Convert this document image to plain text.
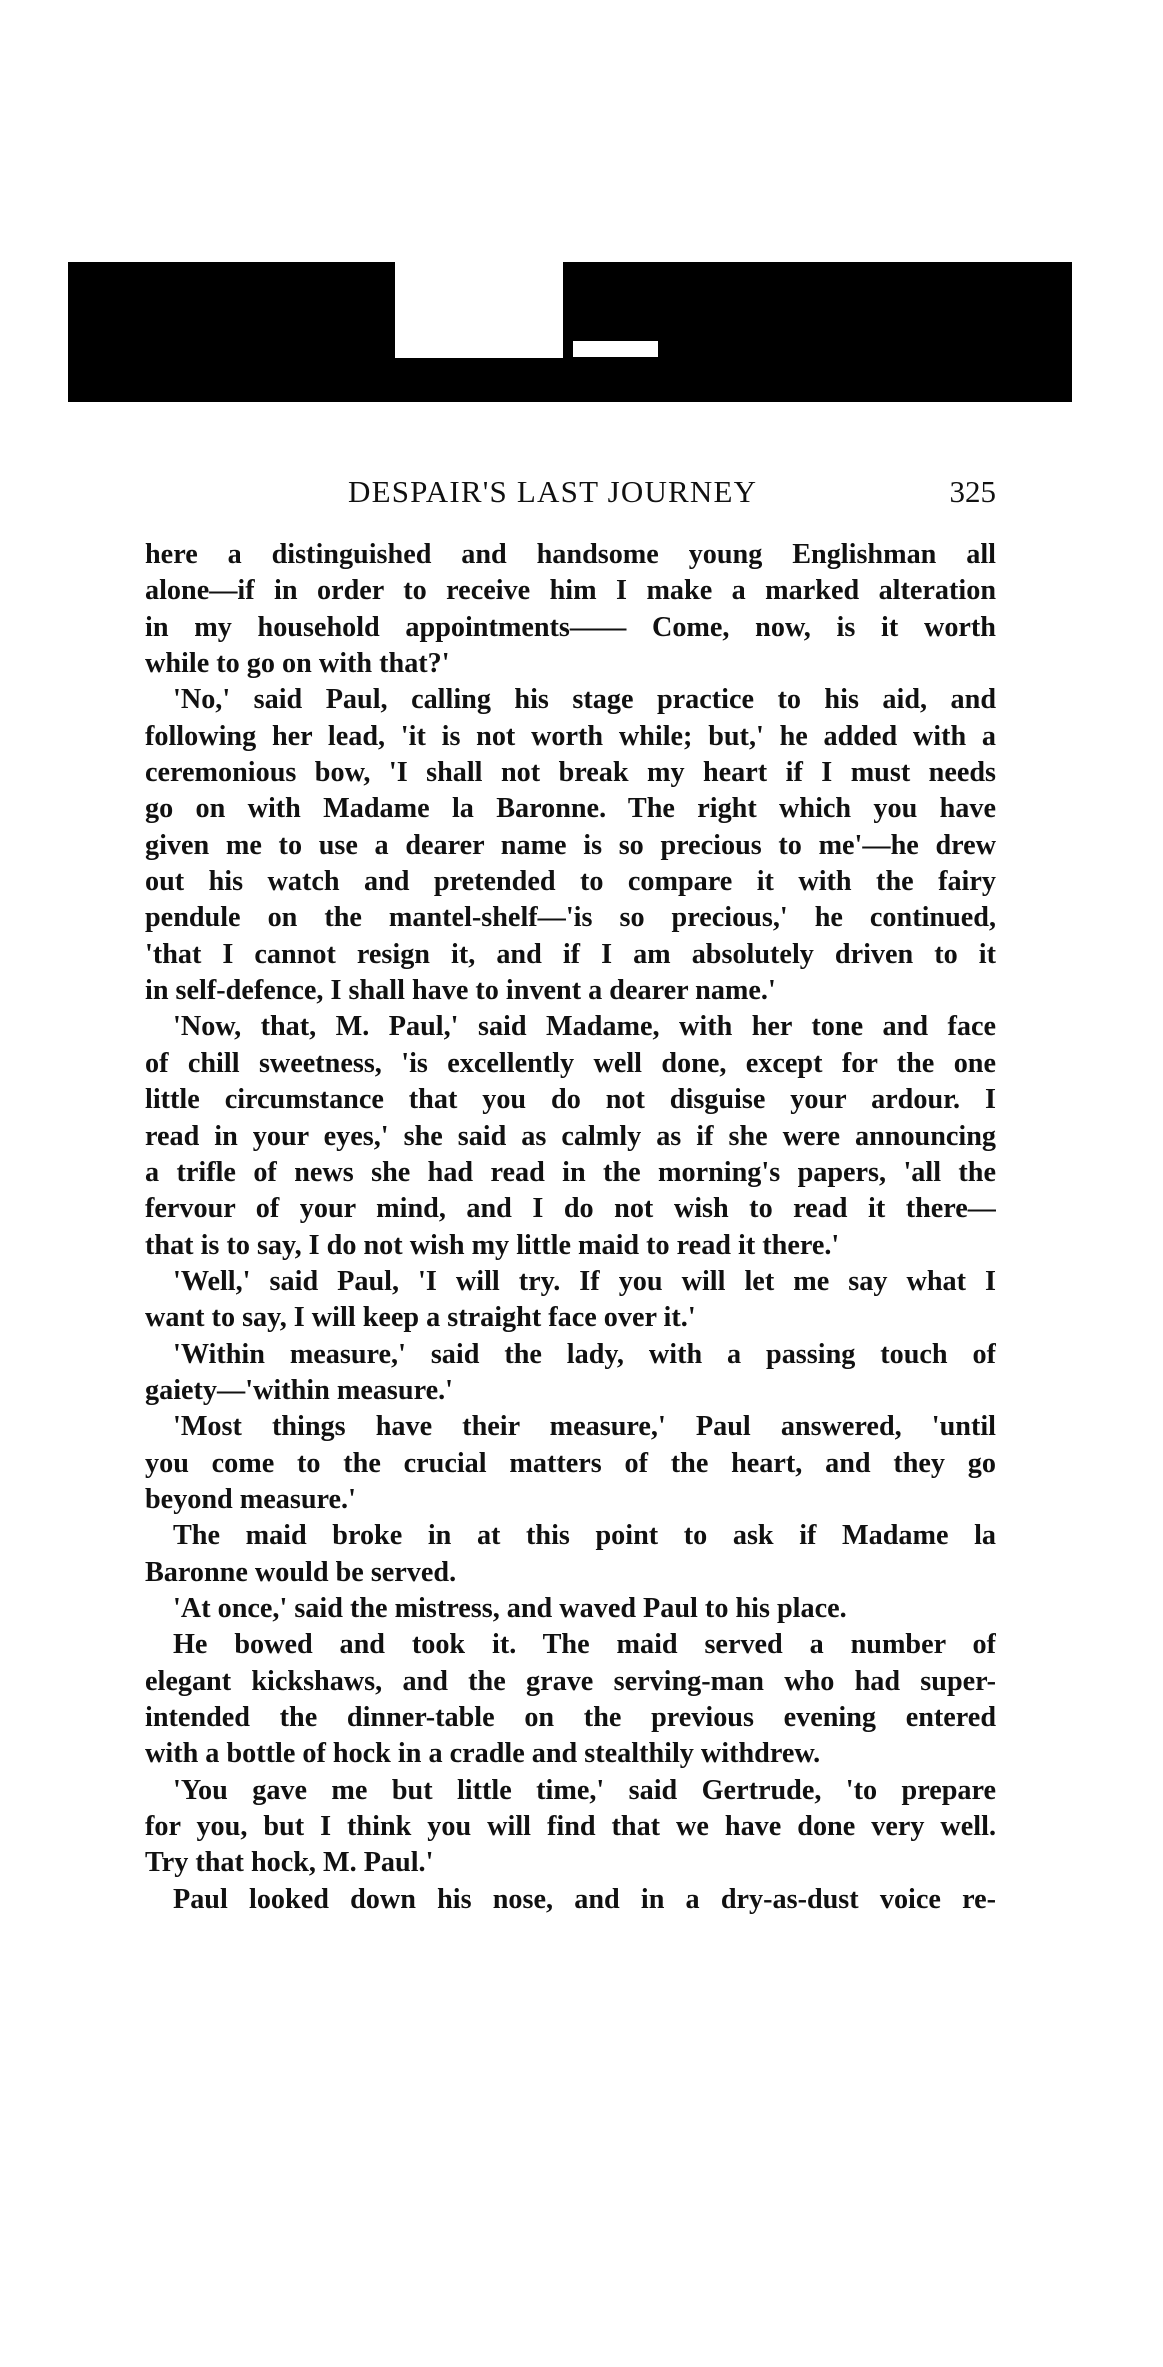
DESPAIR'S LAST JOURNEY	325
here a distinguished and handsome young Englishman all
alone—if in order to receive him I make a marked alteration
in my household appointments—— Come, now, is it worth
while to go on with that?'
'No,' said Paul, calling his stage practice to his aid, and
following her lead, 'it is not worth while; but,' he added with a
ceremonious bow, 'I shall not break my heart if I must needs
go on with Madame la Baronne. The right which you have
given me to use a dearer name is so precious to me'—he drew
out his watch and pretended to compare it with the fairy
pendule on the mantel-shelf—'is so precious,' he continued,
'that I cannot resign it, and if I am absolutely driven to it
in self-defence, I shall have to invent a dearer name.'
'Now, that, M. Paul,' said Madame, with her tone and face
of chill sweetness, 'is excellently well done, except for the one
little circumstance that you do not disguise your ardour. I
read in your eyes,' she said as calmly as if she were announcing
a trifle of news she had read in the morning's papers, 'all the
fervour of your mind, and I do not wish to read it there—
that is to say, I do not wish my little maid to read it there.'
'Well,' said Paul, 'I will try. If you will let me say what I
want to say, I will keep a straight face over it.'
'Within measure,' said the lady, with a passing touch of
gaiety—'within measure.'
'Most things have their measure,' Paul answered, 'until
you come to the crucial matters of the heart, and they go
beyond measure.'
The maid broke in at this point to ask if Madame la
Baronne would be served.
'At once,' said the mistress, and waved Paul to his place.
He bowed and took it. The maid served a number of
elegant kickshaws, and the grave serving-man who had super-
intended the dinner-table on the previous evening entered
with a bottle of hock in a cradle and stealthily withdrew.
'You gave me but little time,' said Gertrude, 'to prepare
for you, but I think you will find that we have done very well.
Try that hock, M. Paul.'
Paul looked down his nose, and in a dry-as-dust voice re-
